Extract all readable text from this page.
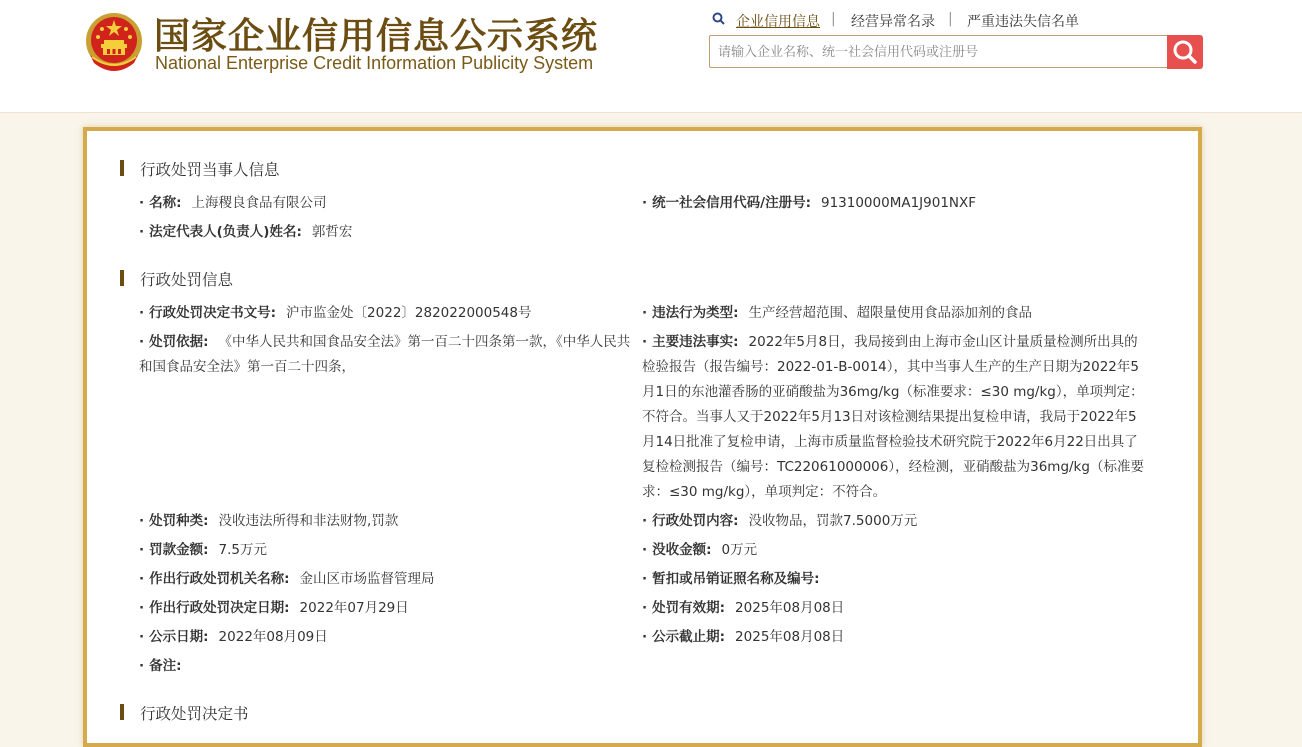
国家企业信用信息公示系统
National Enterprise Credit Information Publicity System
企业信用信息 | 经营异常名录 | 严重违法失信名单
请输入企业名称、统一社会信用代码或注册号
行政处罚当事人信息
· 名称: 上海稷良食品有限公司	· 统一社会信用代码/注册号: 91310000MA1J901NXF
· 法定代表人(负责人)姓名: 郭哲宏
行政处罚信息
· 行政处罚决定书文号: 沪市监金处〔2022〕282022000548号	· 违法行为类型: 生产经营超范围、超限量使用食品添加剂的食品
· 处罚依据: 《中华人民共和国食品安全法》第一百二十四条第一款，《中华人民共和国食品安全法》第一百二十四条，
· 主要违法事实: 2022年5月8日，我局接到由上海市金山区计量质量检测所出具的检验报告（报告编号：2022-01-B-0014），其中当事人生产的生产日期为2022年5月1日的东池灌香肠的亚硝酸盐为36mg/kg（标准要求：≤30 mg/kg），单项判定：不符合。当事人又于2022年5月13日对该检测结果提出复检申请，我局于2022年5月14日批准了复检申请，上海市质量监督检验技术研究院于2022年6月22日出具了复检检测报告（编号：TC22061000006），经检测，亚硝酸盐为36mg/kg（标准要求：≤30 mg/kg），单项判定：不符合。
· 处罚种类: 没收违法所得和非法财物,罚款	· 行政处罚内容: 没收物品，罚款7.5000万元
· 罚款金额: 7.5万元	· 没收金额: 0万元
· 作出行政处罚机关名称: 金山区市场监督管理局	· 暂扣或吊销证照名称及编号:
· 作出行政处罚决定日期: 2022年07月29日	· 处罚有效期: 2025年08月08日
· 公示日期: 2022年08月09日	· 公示截止期: 2025年08月08日
· 备注:
行政处罚决定书
